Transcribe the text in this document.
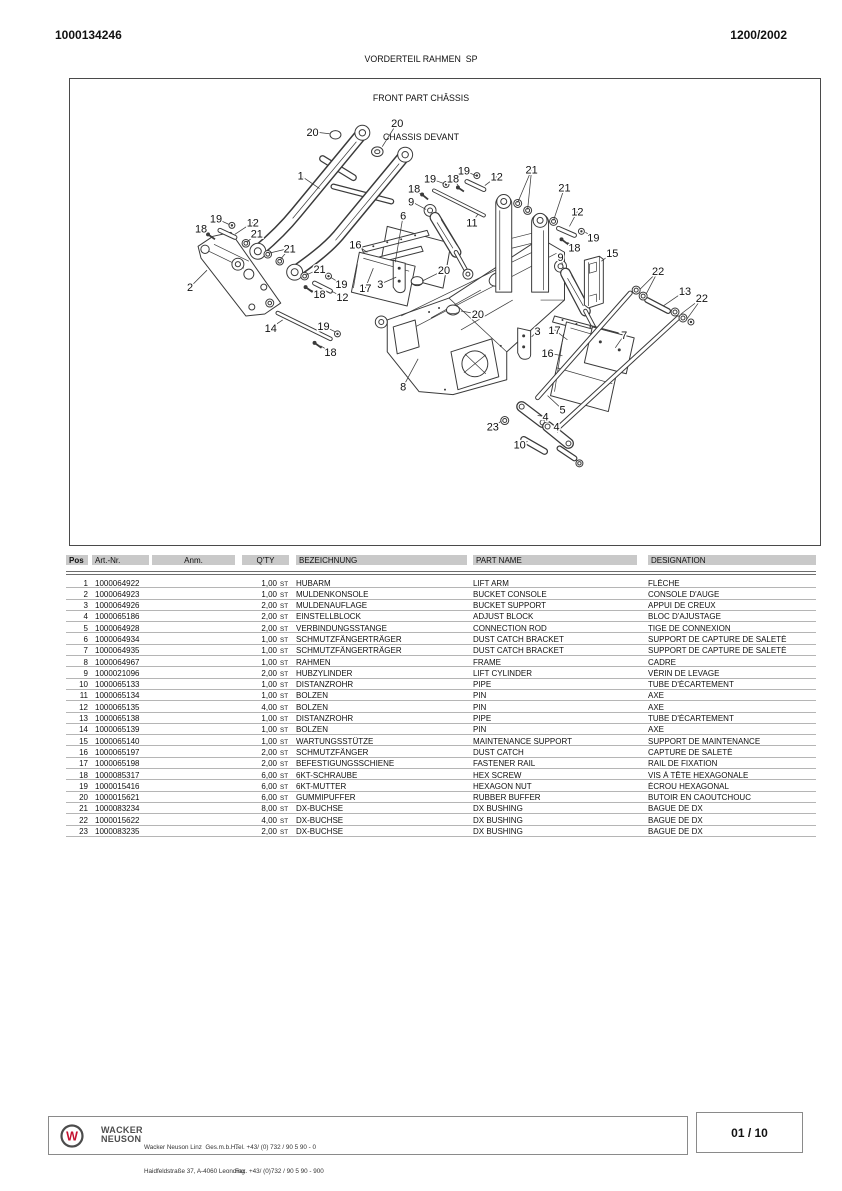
1000134246

VORDERTEIL RAHMEN  SP

FRONT PART CHÂSSIS

CHASSIS DEVANT

1200/2002
20
20
1	19 12
19 18
18
9
6
21
21
12
19
18
9	15
22
13
22
11
16
17 3
2
19 12
18	21
21
21
19
18 12
14	19
18
20
20
8
3 17
16
7
5
23
4
4
10
Pos	Art.-Nr.	Anm.	Q'TY	BEZEICHNUNG	PART NAME	DESIGNATION
1 1000064922	1,00 ST HUBARM	LIFT ARM	FLÈCHE
2 1000064923	1,00 ST MULDENKONSOLE	BUCKET CONSOLE	CONSOLE D'AUGE
3 1000064926	2,00 ST MULDENAUFLAGE	BUCKET SUPPORT	APPUI DE CREUX
4 1000065186	2,00 ST EINSTELLBLOCK	ADJUST BLOCK	BLOC D'AJUSTAGE
5 1000064928	2,00 ST VERBINDUNGSSTANGE	CONNECTION ROD	TIGE DE CONNEXION
6 1000064934	1,00 ST SCHMUTZFÄNGERTRÄGER	DUST CATCH BRACKET	SUPPORT DE CAPTURE DE SALETÉ
7 1000064935	1,00 ST SCHMUTZFÄNGERTRÄGER	DUST CATCH BRACKET	SUPPORT DE CAPTURE DE SALETÉ
8 1000064967	1,00 ST RAHMEN	FRAME	CADRE
9 1000021096	2,00 ST HUBZYLINDER	LIFT CYLINDER	VÉRIN DE LEVAGE
10 1000065133	1,00 ST DISTANZROHR	PIPE	TUBE D'ÉCARTEMENT
11 1000065134	1,00 ST BOLZEN	PIN	AXE
12 1000065135	4,00 ST BOLZEN	PIN	AXE
13 1000065138	1,00 ST DISTANZROHR	PIPE	TUBE D'ÉCARTEMENT
14 1000065139	1,00 ST BOLZEN	PIN	AXE
15 1000065140	1,00 ST WARTUNGSSTÜTZE	MAINTENANCE SUPPORT	SUPPORT DE MAINTENANCE
16 1000065197	2,00 ST SCHMUTZFÄNGER	DUST CATCH	CAPTURE DE SALETÉ
17 1000065198	2,00 ST BEFESTIGUNGSSCHIENE	FASTENER RAIL	RAIL DE FIXATION
18 1000085317	6,00 ST 6KT-SCHRAUBE	HEX SCREW	VIS À TÊTE HEXAGONALE
19 1000015416	6,00 ST 6KT-MUTTER	HEXAGON NUT	ÉCROU HEXAGONAL
20 1000015621	6,00 ST GUMMIPUFFER	RUBBER BUFFER	BUTOIR EN CAOUTCHOUC
21 1000083234	8,00 ST DX-BUCHSE	DX BUSHING	BAGUE DE DX
22 1000015622	4,00 ST DX-BUCHSE	DX BUSHING	BAGUE DE DX
23 1000083235	2,00 ST DX-BUCHSE	DX BUSHING	BAGUE DE DX
W	WACKER
NEUSON

Wacker Neuson Linz  Ges.m.b.H.

Haidfeldstraße 37, A-4060 Leonding

Tel. +43/ (0) 732 / 90 5 90 - 0

Fax. +43/ (0)732 / 90 5 90 - 900

01 / 10
